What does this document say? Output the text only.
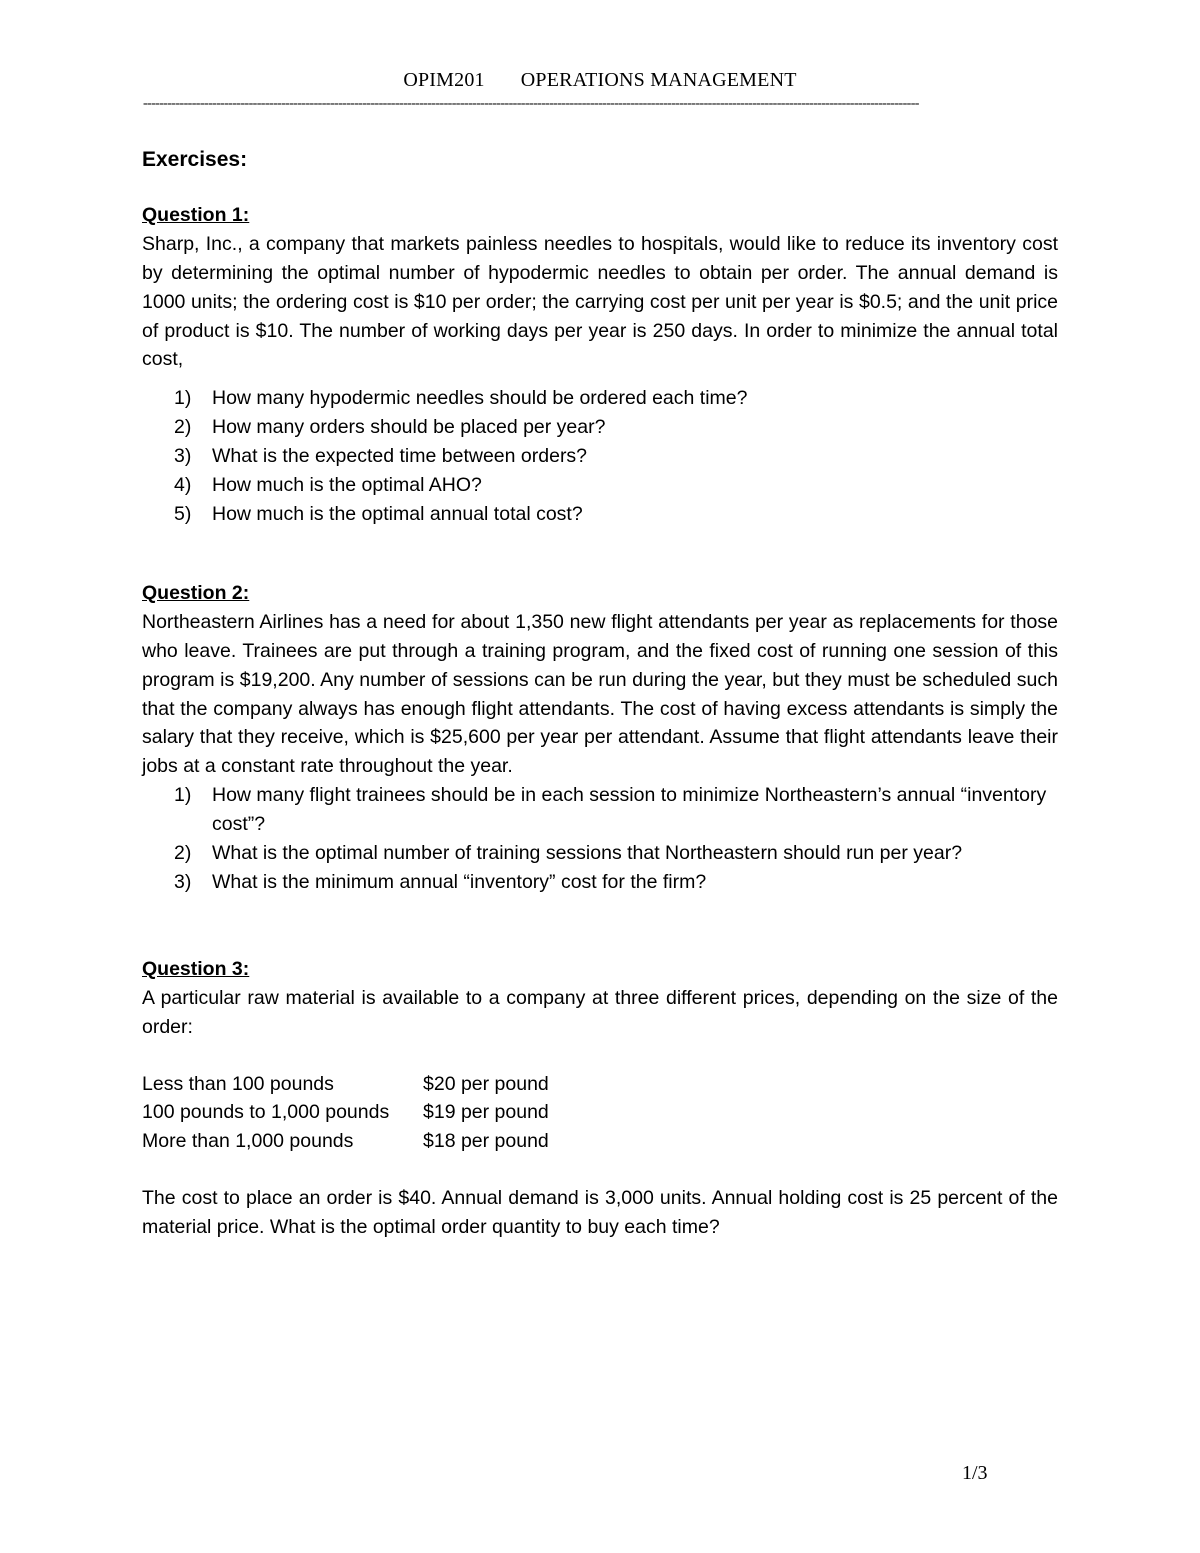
OPIM201 OPERATIONS MANAGEMENT
-----------------------------------------------------------------------------------------------------------------------------------------------------------------------------------------------

Exercises:

Question 1:

Sharp, Inc., a company that markets painless needles to hospitals, would like to reduce its inventory cost by determining the optimal number of hypodermic needles to obtain per order. The annual demand is 1000 units; the ordering cost is $10 per order; the carrying cost per unit per year is $0.5; and the unit price of product is $10. The number of working days per year is 250 days. In order to minimize the annual total cost,

1) How many hypodermic needles should be ordered each time?
2) How many orders should be placed per year?
3) What is the expected time between orders?
4) How much is the optimal AHO?
5) How much is the optimal annual total cost?

Question 2:

Northeastern Airlines has a need for about 1,350 new flight attendants per year as replacements for those who leave. Trainees are put through a training program, and the fixed cost of running one session of this program is $19,200. Any number of sessions can be run during the year, but they must be scheduled such that the company always has enough flight attendants. The cost of having excess attendants is simply the salary that they receive, which is $25,600 per year per attendant. Assume that flight attendants leave their jobs at a constant rate throughout the year.

1) How many flight trainees should be in each session to minimize Northeastern’s annual “inventory cost”?
2) What is the optimal number of training sessions that Northeastern should run per year?
3) What is the minimum annual “inventory” cost for the firm?

Question 3:

A particular raw material is available to a company at three different prices, depending on the size of the order:

Less than 100 pounds	$20 per pound
100 pounds to 1,000 pounds	$19 per pound
More than 1,000 pounds	$18 per pound

The cost to place an order is $40. Annual demand is 3,000 units. Annual holding cost is 25 percent of the material price. What is the optimal order quantity to buy each time?

1/3
